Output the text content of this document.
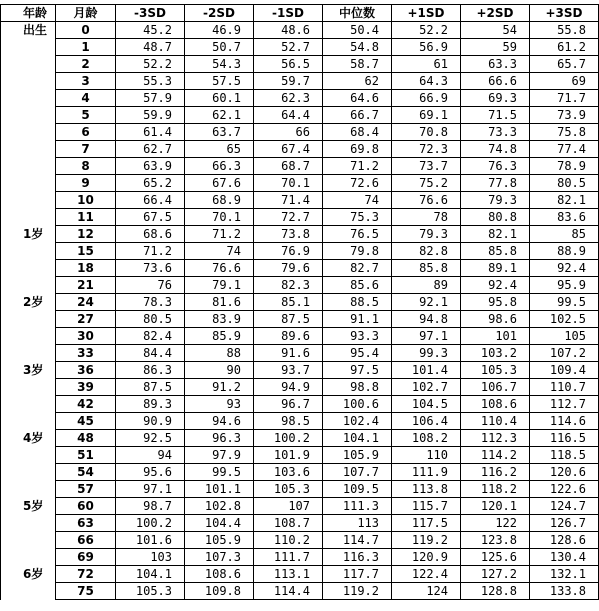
年龄	月龄	-3SD	-2SD	-1SD	中位数	+1SD	+2SD	+3SD
出生	0	45.2	46.9	48.6	50.4	52.2	54	55.8
	1	48.7	50.7	52.7	54.8	56.9	59	61.2
	2	52.2	54.3	56.5	58.7	61	63.3	65.7
	3	55.3	57.5	59.7	62	64.3	66.6	69
	4	57.9	60.1	62.3	64.6	66.9	69.3	71.7
	5	59.9	62.1	64.4	66.7	69.1	71.5	73.9
	6	61.4	63.7	66	68.4	70.8	73.3	75.8
	7	62.7	65	67.4	69.8	72.3	74.8	77.4
	8	63.9	66.3	68.7	71.2	73.7	76.3	78.9
	9	65.2	67.6	70.1	72.6	75.2	77.8	80.5
	10	66.4	68.9	71.4	74	76.6	79.3	82.1
	11	67.5	70.1	72.7	75.3	78	80.8	83.6
1岁	12	68.6	71.2	73.8	76.5	79.3	82.1	85
	15	71.2	74	76.9	79.8	82.8	85.8	88.9
	18	73.6	76.6	79.6	82.7	85.8	89.1	92.4
	21	76	79.1	82.3	85.6	89	92.4	95.9
2岁	24	78.3	81.6	85.1	88.5	92.1	95.8	99.5
	27	80.5	83.9	87.5	91.1	94.8	98.6	102.5
	30	82.4	85.9	89.6	93.3	97.1	101	105
	33	84.4	88	91.6	95.4	99.3	103.2	107.2
3岁	36	86.3	90	93.7	97.5	101.4	105.3	109.4
	39	87.5	91.2	94.9	98.8	102.7	106.7	110.7
	42	89.3	93	96.7	100.6	104.5	108.6	112.7
	45	90.9	94.6	98.5	102.4	106.4	110.4	114.6
4岁	48	92.5	96.3	100.2	104.1	108.2	112.3	116.5
	51	94	97.9	101.9	105.9	110	114.2	118.5
	54	95.6	99.5	103.6	107.7	111.9	116.2	120.6
	57	97.1	101.1	105.3	109.5	113.8	118.2	122.6
5岁	60	98.7	102.8	107	111.3	115.7	120.1	124.7
	63	100.2	104.4	108.7	113	117.5	122	126.7
	66	101.6	105.9	110.2	114.7	119.2	123.8	128.6
	69	103	107.3	111.7	116.3	120.9	125.6	130.4
6岁	72	104.1	108.6	113.1	117.7	122.4	127.2	132.1
	75	105.3	109.8	114.4	119.2	124	128.8	133.8
